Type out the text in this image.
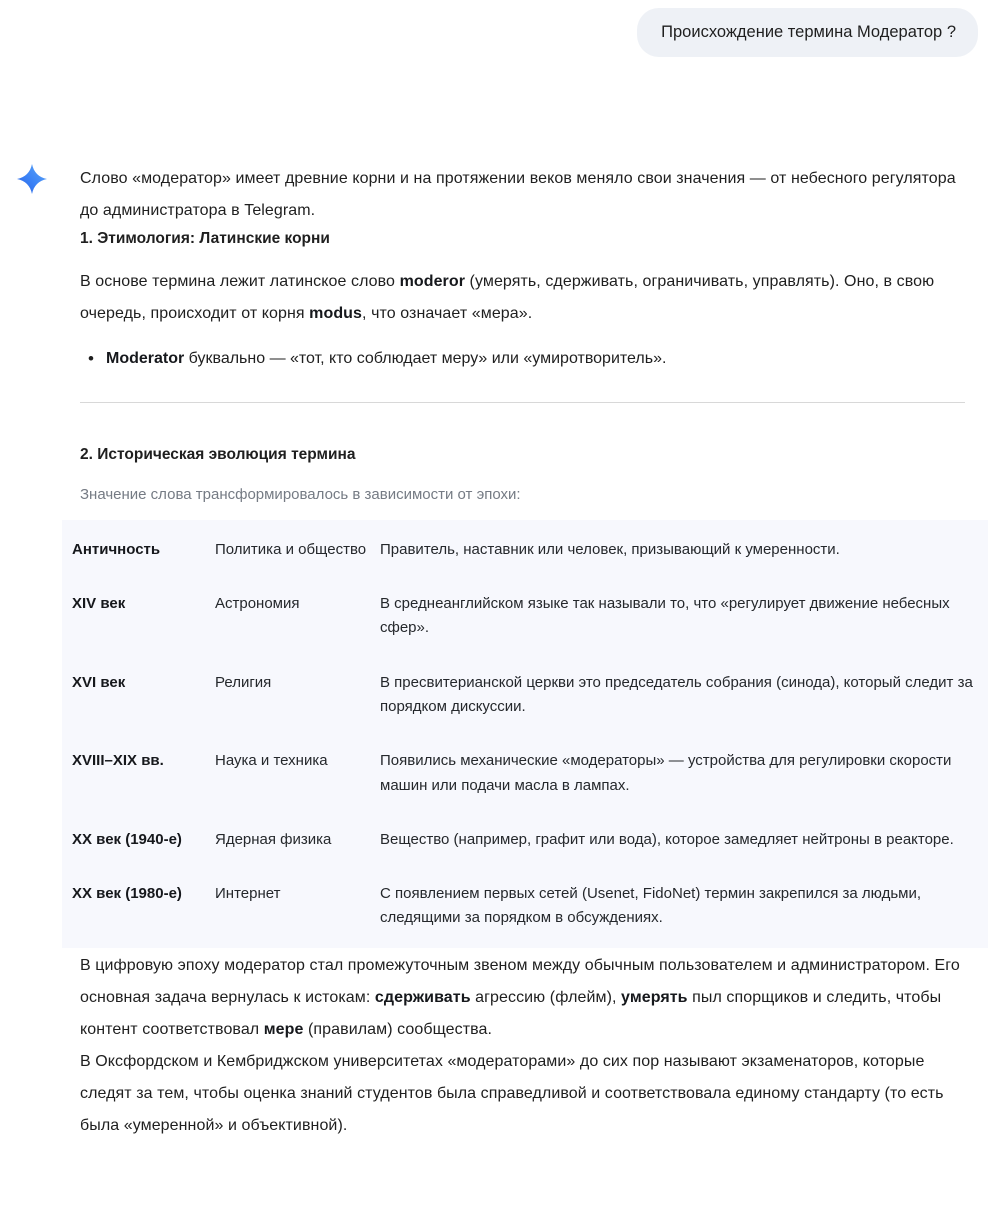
Происхождение термина Модератор ?

Слово «модератор» имеет древние корни и на протяжении веков меняло свои значения — от небесного регулятора до администратора в Telegram.

1. Этимология: Латинские корни

В основе термина лежит латинское слово moderor (умерять, сдерживать, ограничивать, управлять). Оно, в свою очередь, происходит от корня modus, что означает «мера».

• Moderator буквально — «тот, кто соблюдает меру» или «умиротворитель».
2. Историческая эволюция термина

Значение слова трансформировалось в зависимости от эпохи:

Античность	Политика и общество	Правитель, наставник или человек, призывающий к умеренности.
XIV век	Астрономия	В среднеанглийском языке так называли то, что «регулирует движение небесных сфер».
XVI век	Религия	В пресвитерианской церкви это председатель собрания (синода), который следит за порядком дискуссии.
XVIII–XIX вв.	Наука и техника	Появились механические «модераторы» — устройства для регулировки скорости машин или подачи масла в лампах.
XX век (1940-е)	Ядерная физика	Вещество (например, графит или вода), которое замедляет нейтроны в реакторе.
XX век (1980-е)	Интернет	С появлением первых сетей (Usenet, FidoNet) термин закрепился за людьми, следящими за порядком в обсуждениях.

В цифровую эпоху модератор стал промежуточным звеном между обычным пользователем и администратором. Его основная задача вернулась к истокам: сдерживать агрессию (флейм), умерять пыл спорщиков и следить, чтобы контент соответствовал мере (правилам) сообщества.

В Оксфордском и Кембриджском университетах «модераторами» до сих пор называют экзаменаторов, которые следят за тем, чтобы оценка знаний студентов была справедливой и соответствовала единому стандарту (то есть была «умеренной» и объективной).
